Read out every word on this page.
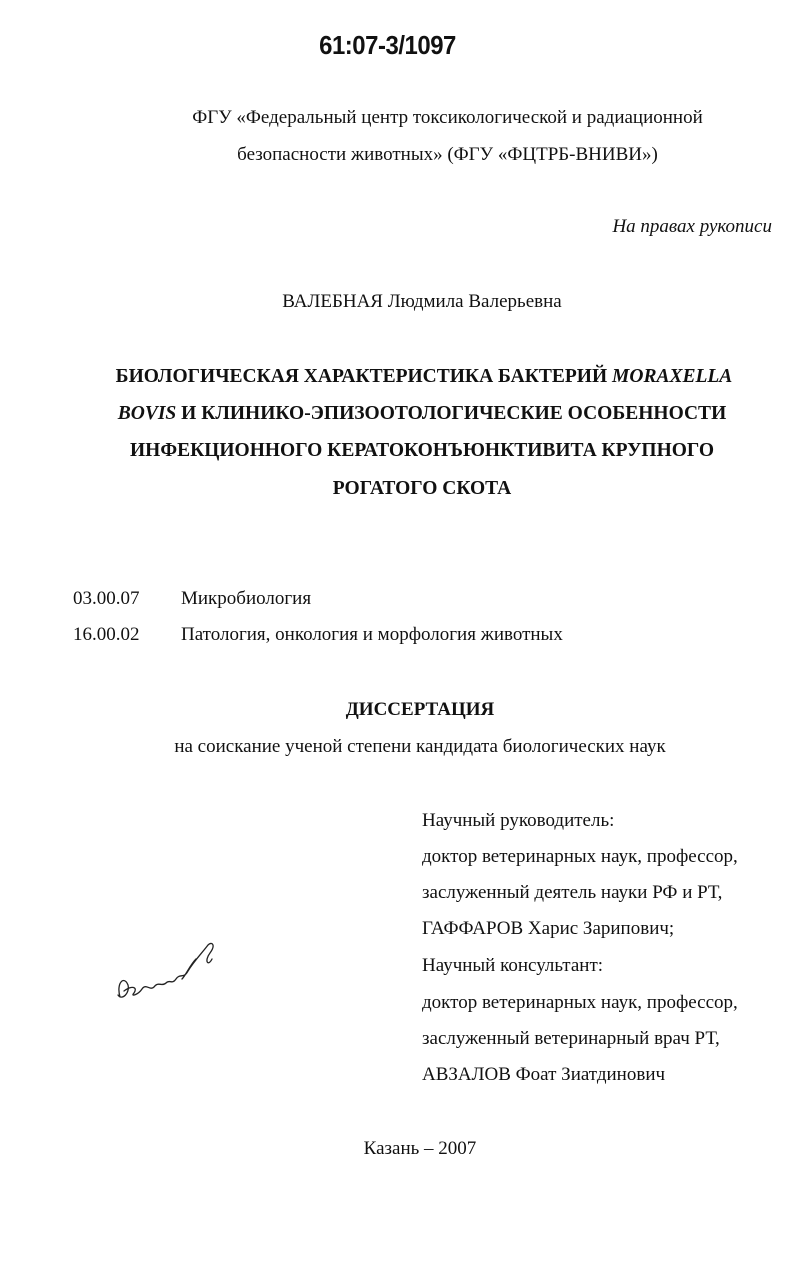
61:07-3/1097
ФГУ «Федеральный центр токсикологической и радиационной
безопасности животных» (ФГУ «ФЦТРБ-ВНИВИ»)
На правах рукописи
ВАЛЕБНАЯ Людмила Валерьевна
БИОЛОГИЧЕСКАЯ ХАРАКТЕРИСТИКА БАКТЕРИЙ MORAXELLA
BOVIS И КЛИНИКО-ЭПИЗООТОЛОГИЧЕСКИЕ ОСОБЕННОСТИ
ИНФЕКЦИОННОГО КЕРАТОКОНЪЮНКТИВИТА КРУПНОГО
РОГАТОГО СКОТА
03.00.07 Микробиология
16.00.02 Патология, онкология и морфология животных
ДИССЕРТАЦИЯ
на соискание ученой степени кандидата биологических наук
Научный руководитель:
доктор ветеринарных наук, профессор,
заслуженный деятель науки РФ и РТ,
ГАФФАРОВ Харис Зарипович;
Научный консультант:
доктор ветеринарных наук, профессор,
заслуженный ветеринарный врач РТ,
АВЗАЛОВ Фоат Зиатдинович
Казань – 2007
